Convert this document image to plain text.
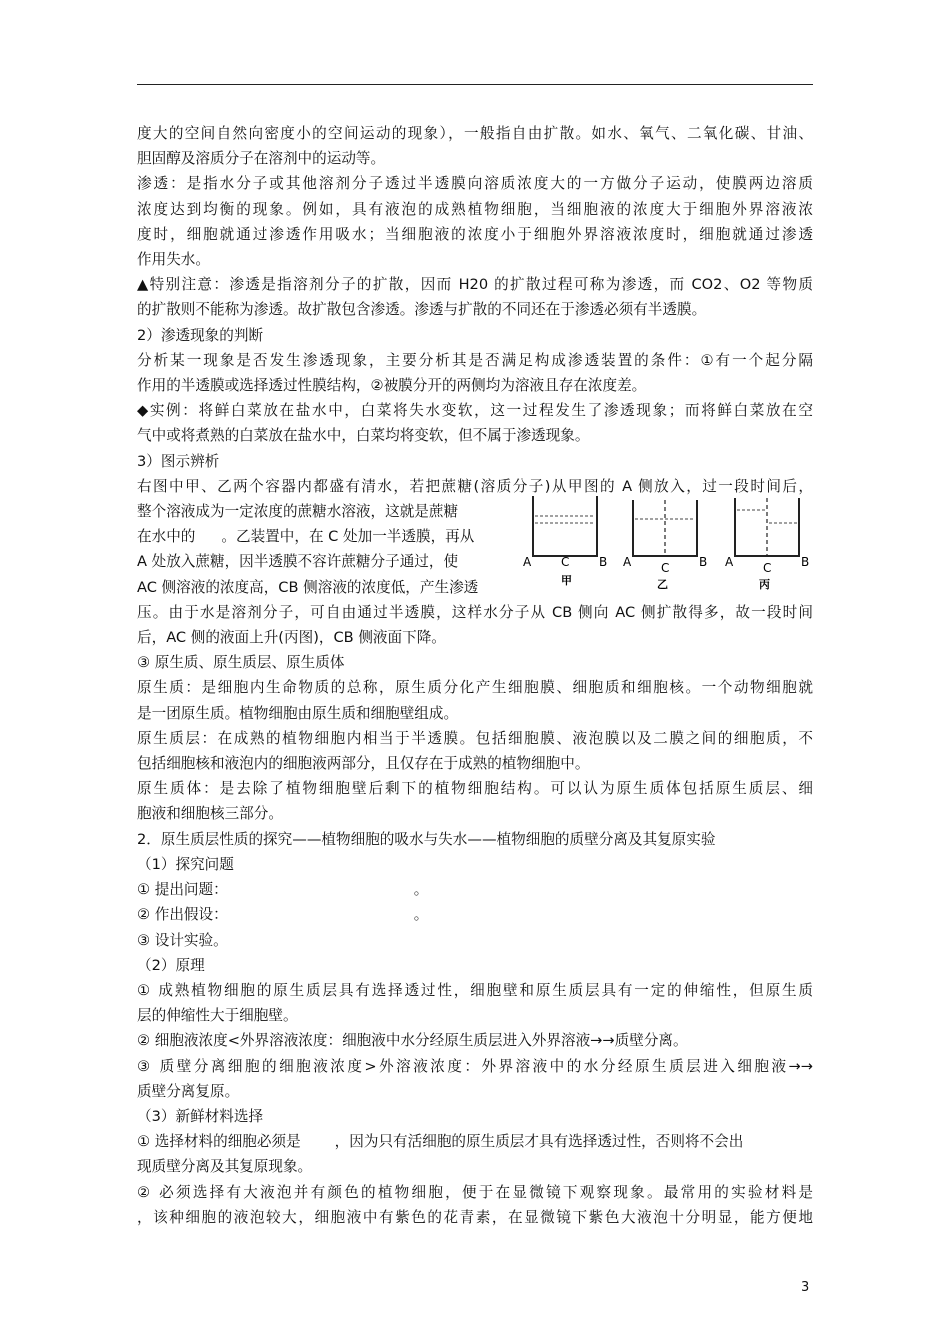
度大的空间自然向密度小的空间运动的现象），一般指自由扩散。如水、氧气、二氧化碳、甘油、

胆固醇及溶质分子在溶剂中的运动等。

渗透：是指水分子或其他溶剂分子透过半透膜向溶质浓度大的一方做分子运动，使膜两边溶质

浓度达到均衡的现象。例如，具有液泡的成熟植物细胞，当细胞液的浓度大于细胞外界溶液浓

度时，细胞就通过渗透作用吸水；当细胞液的浓度小于细胞外界溶液浓度时，细胞就通过渗透

作用失水。

▲特别注意：渗透是指溶剂分子的扩散，因而 H20 的扩散过程可称为渗透，而 CO2、O2 等物质

的扩散则不能称为渗透。故扩散包含渗透。渗透与扩散的不同还在于渗透必须有半透膜。

2）渗透现象的判断

分析某一现象是否发生渗透现象，主要分析其是否满足构成渗透装置的条件：①有一个起分隔

作用的半透膜或选择透过性膜结构，②被膜分开的两侧均为溶液且存在浓度差。

◆实例：将鲜白菜放在盐水中，白菜将失水变软，这一过程发生了渗透现象；而将鲜白菜放在空

气中或将煮熟的白菜放在盐水中，白菜均将变软，但不属于渗透现象。

3）图示辨析

右图中甲、乙两个容器内都盛有清水，若把蔗糖(溶质分子)从甲图的 A 侧放入，过一段时间后，

整个溶液成为一定浓度的蔗糖水溶液，这就是蔗糖

在水中的 。乙装置中，在 C 处加一半透膜，再从

A 处放入蔗糖，因半透膜不容许蔗糖分子通过，使

AC 侧溶液的浓度高，CB 侧溶液的浓度低，产生渗透

压。由于水是溶剂分子，可自由通过半透膜，这样水分子从 CB 侧向 AC 侧扩散得多，故一段时间

后，AC 侧的液面上升(丙图)，CB 侧液面下降。

③ 原生质、原生质层、原生质体

原生质：是细胞内生命物质的总称，原生质分化产生细胞膜、细胞质和细胞核。一个动物细胞就

是一团原生质。植物细胞由原生质和细胞壁组成。

原生质层：在成熟的植物细胞内相当于半透膜。包括细胞膜、液泡膜以及二膜之间的细胞质，不

包括细胞核和液泡内的细胞液两部分，且仅存在于成熟的植物细胞中。

原生质体：是去除了植物细胞壁后剩下的植物细胞结构。可以认为原生质体包括原生质层、细

胞液和细胞核三部分。

2．原生质层性质的探究——植物细胞的吸水与失水——植物细胞的质壁分离及其复原实验

（1）探究问题

① 提出问题：	。

② 作出假设：	。

③ 设计实验。

（2）原理

① 成熟植物细胞的原生质层具有选择透过性，细胞壁和原生质层具有一定的伸缩性，但原生质

层的伸缩性大于细胞壁。

② 细胞液浓度<外界溶液浓度：细胞液中水分经原生质层进入外界溶液→→质壁分离。

③ 质壁分离细胞的细胞液浓度>外溶液浓度：外界溶液中的水分经原生质层进入细胞液→→

质壁分离复原。

（3）新鲜材料选择

① 选择材料的细胞必须是 ，因为只有活细胞的原生质层才具有选择透过性，否则将不会出

现质壁分离及其复原现象。

② 必须选择有大液泡并有颜色的植物细胞，便于在显微镜下观察现象。最常用的实验材料是

，该种细胞的液泡较大，细胞液中有紫色的花青素，在显微镜下紫色大液泡十分明显，能方便地

A C B
甲
A C B
乙
A C B
丙
3
